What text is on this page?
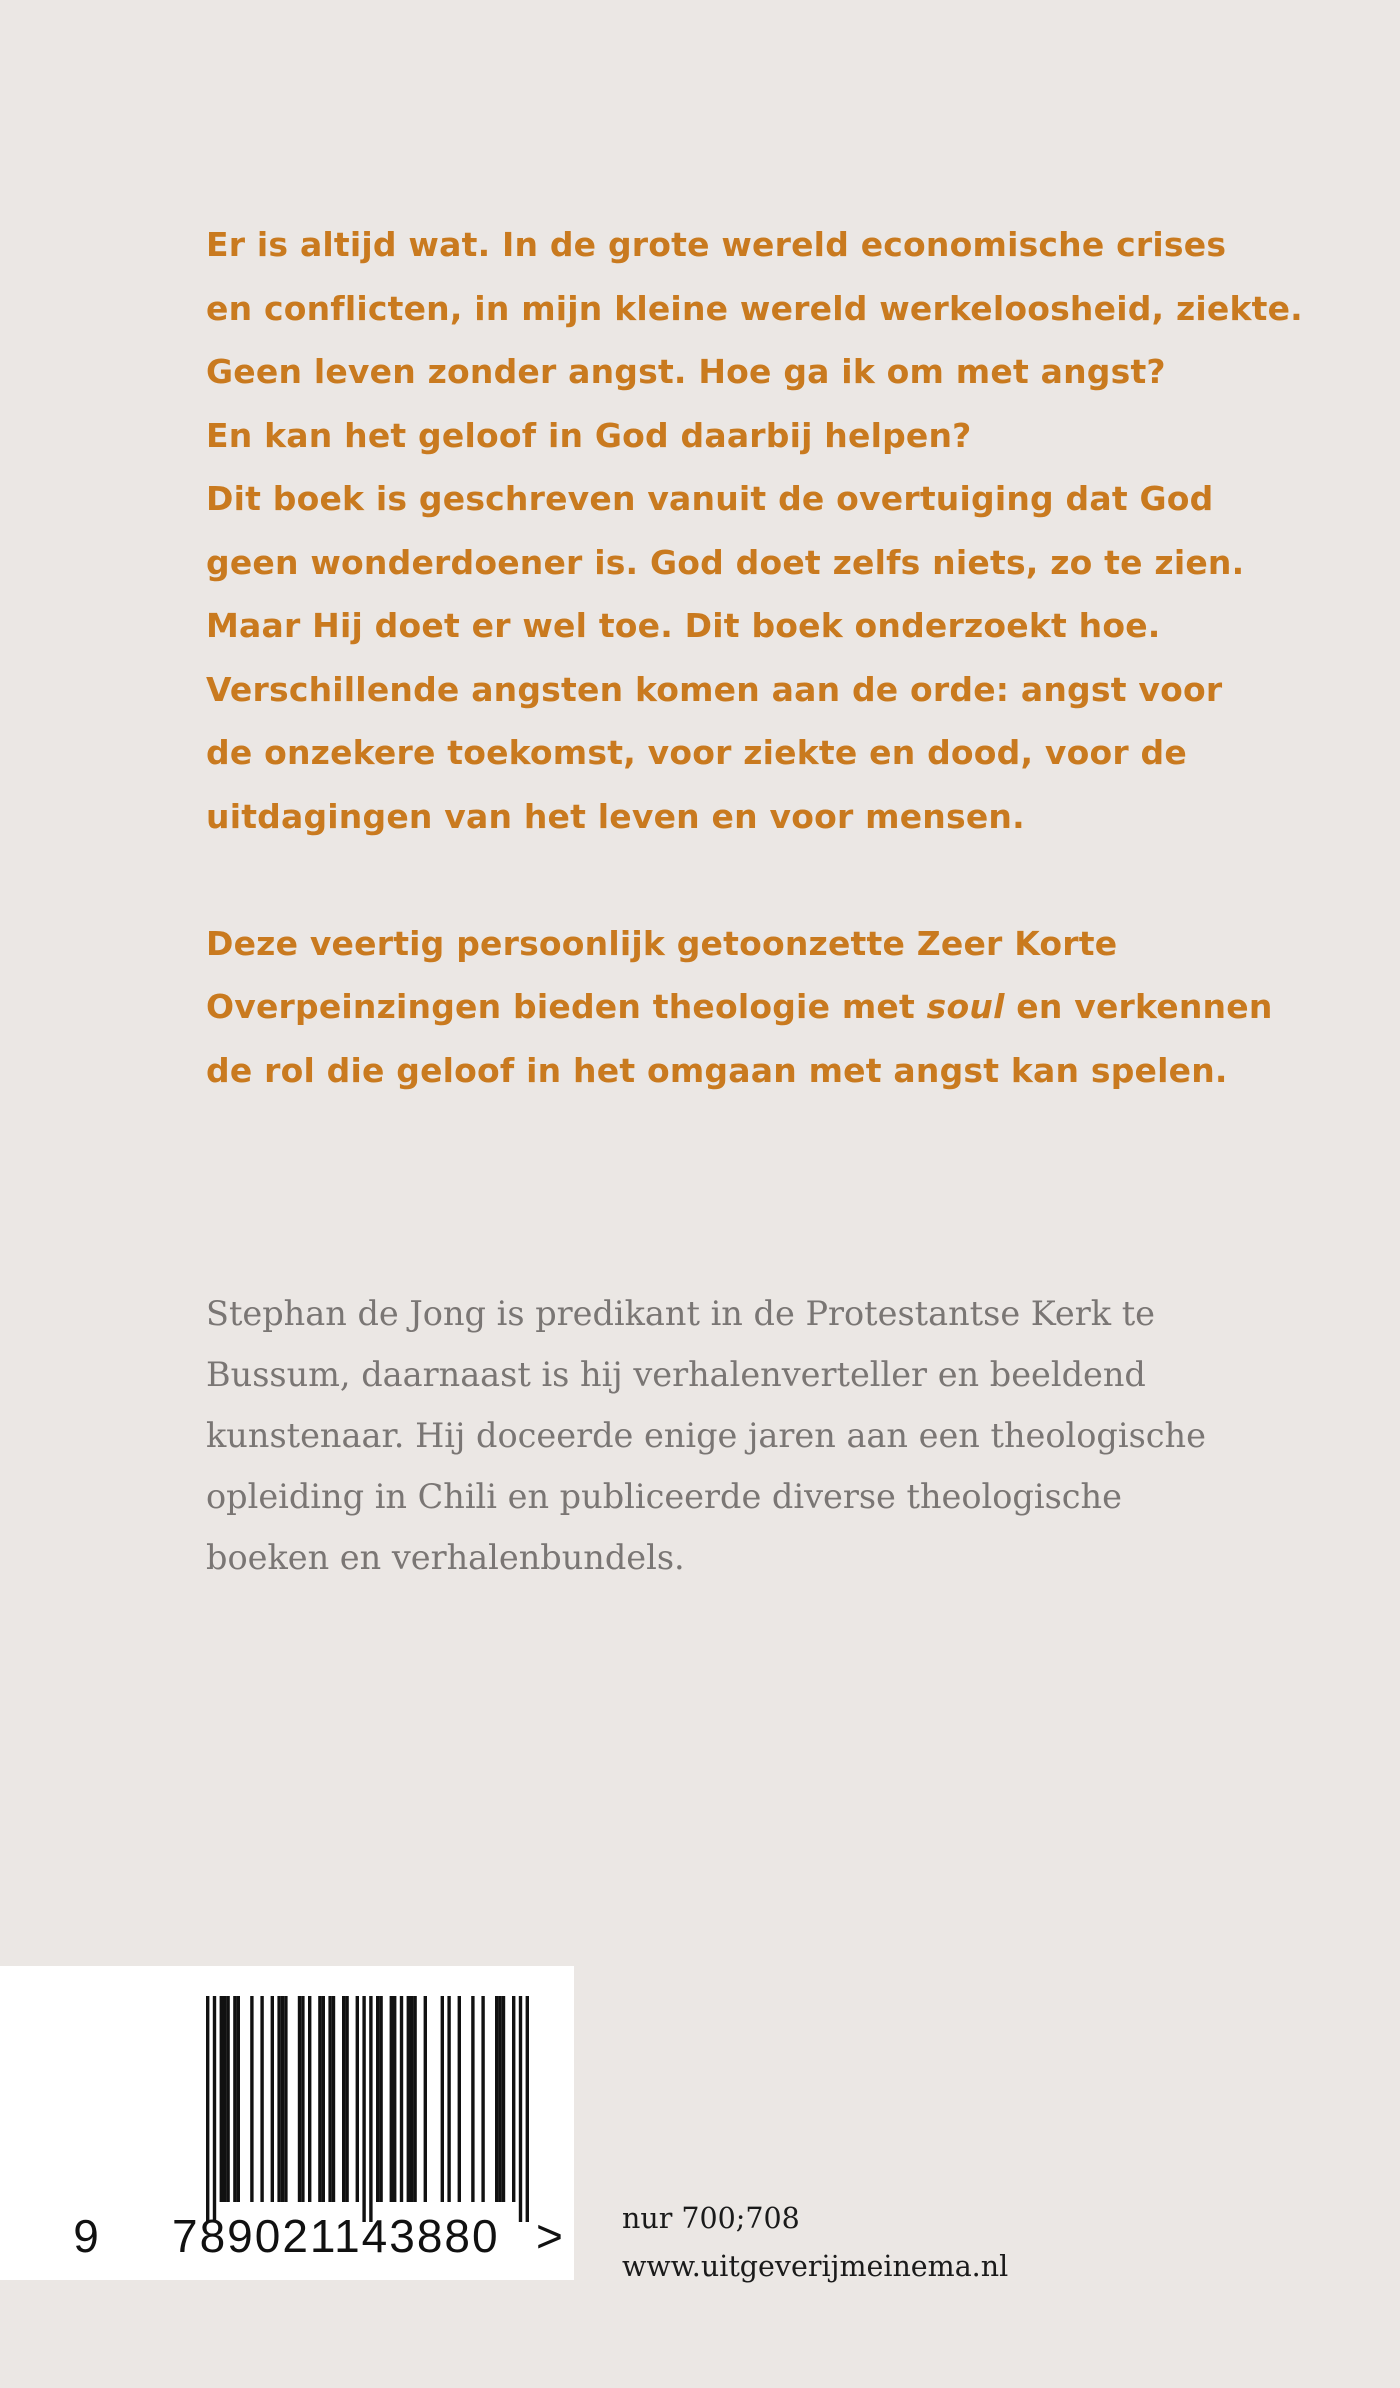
Er is altijd wat. In de grote wereld economische crises
en conflicten, in mijn kleine wereld werkeloosheid, ziekte.
Geen leven zonder angst. Hoe ga ik om met angst?
En kan het geloof in God daarbij helpen?
Dit boek is geschreven vanuit de overtuiging dat God
geen wonderdoener is. God doet zelfs niets, zo te zien.
Maar Hij doet er wel toe. Dit boek onderzoekt hoe.
Verschillende angsten komen aan de orde: angst voor
de onzekere toekomst, voor ziekte en dood, voor de
uitdagingen van het leven en voor mensen.
Deze veertig persoonlijk getoonzette Zeer Korte
Overpeinzingen bieden theologie met soul en verkennen
de rol die geloof in het omgaan met angst kan spelen.
Stephan de Jong is predikant in de Protestantse Kerk te
Bussum, daarnaast is hij verhalenverteller en beeldend
kunstenaar. Hij doceerde enige jaren aan een theologische
opleiding in Chili en publiceerde diverse theologische
boeken en verhalenbundels.
9	789021143880 > nur 700;708
www.uitgeverijmeinema.nl
